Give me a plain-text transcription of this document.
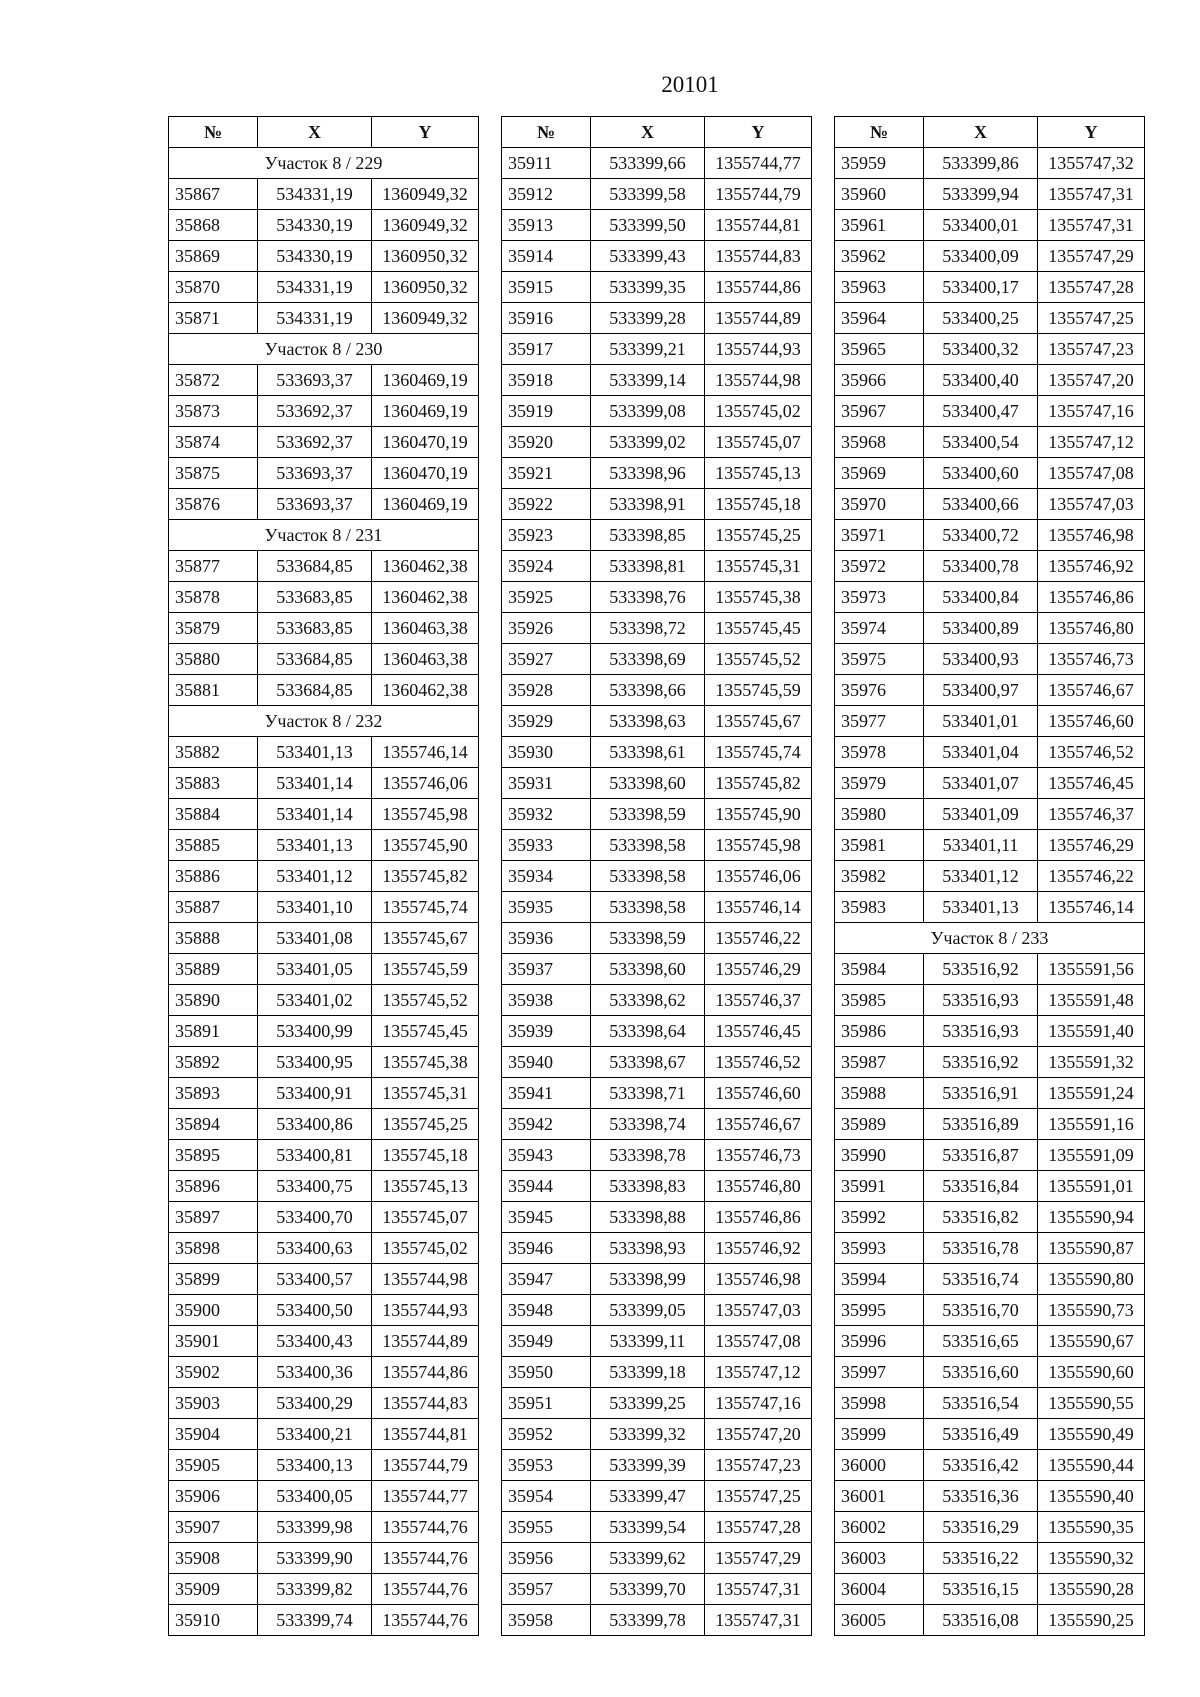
20101
№	X	Y
Участок 8 / 229		
35867	534331,19	1360949,32
35868	534330,19	1360949,32
35869	534330,19	1360950,32
35870	534331,19	1360950,32
35871	534331,19	1360949,32
Участок 8 / 230		
35872	533693,37	1360469,19
35873	533692,37	1360469,19
35874	533692,37	1360470,19
35875	533693,37	1360470,19
35876	533693,37	1360469,19
Участок 8 / 231		
35877	533684,85	1360462,38
35878	533683,85	1360462,38
35879	533683,85	1360463,38
35880	533684,85	1360463,38
35881	533684,85	1360462,38
Участок 8 / 232		
35882	533401,13	1355746,14
35883	533401,14	1355746,06
35884	533401,14	1355745,98
35885	533401,13	1355745,90
35886	533401,12	1355745,82
35887	533401,10	1355745,74
35888	533401,08	1355745,67
35889	533401,05	1355745,59
35890	533401,02	1355745,52
35891	533400,99	1355745,45
35892	533400,95	1355745,38
35893	533400,91	1355745,31
35894	533400,86	1355745,25
35895	533400,81	1355745,18
35896	533400,75	1355745,13
35897	533400,70	1355745,07
35898	533400,63	1355745,02
35899	533400,57	1355744,98
35900	533400,50	1355744,93
35901	533400,43	1355744,89
35902	533400,36	1355744,86
35903	533400,29	1355744,83
35904	533400,21	1355744,81
35905	533400,13	1355744,79
35906	533400,05	1355744,77
35907	533399,98	1355744,76
35908	533399,90	1355744,76
35909	533399,82	1355744,76
35910	533399,74	1355744,76
№	X	Y
35911	533399,66	1355744,77
35912	533399,58	1355744,79
35913	533399,50	1355744,81
35914	533399,43	1355744,83
35915	533399,35	1355744,86
35916	533399,28	1355744,89
35917	533399,21	1355744,93
35918	533399,14	1355744,98
35919	533399,08	1355745,02
35920	533399,02	1355745,07
35921	533398,96	1355745,13
35922	533398,91	1355745,18
35923	533398,85	1355745,25
35924	533398,81	1355745,31
35925	533398,76	1355745,38
35926	533398,72	1355745,45
35927	533398,69	1355745,52
35928	533398,66	1355745,59
35929	533398,63	1355745,67
35930	533398,61	1355745,74
35931	533398,60	1355745,82
35932	533398,59	1355745,90
35933	533398,58	1355745,98
35934	533398,58	1355746,06
35935	533398,58	1355746,14
35936	533398,59	1355746,22
35937	533398,60	1355746,29
35938	533398,62	1355746,37
35939	533398,64	1355746,45
35940	533398,67	1355746,52
35941	533398,71	1355746,60
35942	533398,74	1355746,67
35943	533398,78	1355746,73
35944	533398,83	1355746,80
35945	533398,88	1355746,86
35946	533398,93	1355746,92
35947	533398,99	1355746,98
35948	533399,05	1355747,03
35949	533399,11	1355747,08
35950	533399,18	1355747,12
35951	533399,25	1355747,16
35952	533399,32	1355747,20
35953	533399,39	1355747,23
35954	533399,47	1355747,25
35955	533399,54	1355747,28
35956	533399,62	1355747,29
35957	533399,70	1355747,31
35958	533399,78	1355747,31
№	X	Y
35959	533399,86	1355747,32
35960	533399,94	1355747,31
35961	533400,01	1355747,31
35962	533400,09	1355747,29
35963	533400,17	1355747,28
35964	533400,25	1355747,25
35965	533400,32	1355747,23
35966	533400,40	1355747,20
35967	533400,47	1355747,16
35968	533400,54	1355747,12
35969	533400,60	1355747,08
35970	533400,66	1355747,03
35971	533400,72	1355746,98
35972	533400,78	1355746,92
35973	533400,84	1355746,86
35974	533400,89	1355746,80
35975	533400,93	1355746,73
35976	533400,97	1355746,67
35977	533401,01	1355746,60
35978	533401,04	1355746,52
35979	533401,07	1355746,45
35980	533401,09	1355746,37
35981	533401,11	1355746,29
35982	533401,12	1355746,22
35983	533401,13	1355746,14
Участок 8 / 233		
35984	533516,92	1355591,56
35985	533516,93	1355591,48
35986	533516,93	1355591,40
35987	533516,92	1355591,32
35988	533516,91	1355591,24
35989	533516,89	1355591,16
35990	533516,87	1355591,09
35991	533516,84	1355591,01
35992	533516,82	1355590,94
35993	533516,78	1355590,87
35994	533516,74	1355590,80
35995	533516,70	1355590,73
35996	533516,65	1355590,67
35997	533516,60	1355590,60
35998	533516,54	1355590,55
35999	533516,49	1355590,49
36000	533516,42	1355590,44
36001	533516,36	1355590,40
36002	533516,29	1355590,35
36003	533516,22	1355590,32
36004	533516,15	1355590,28
36005	533516,08	1355590,25
